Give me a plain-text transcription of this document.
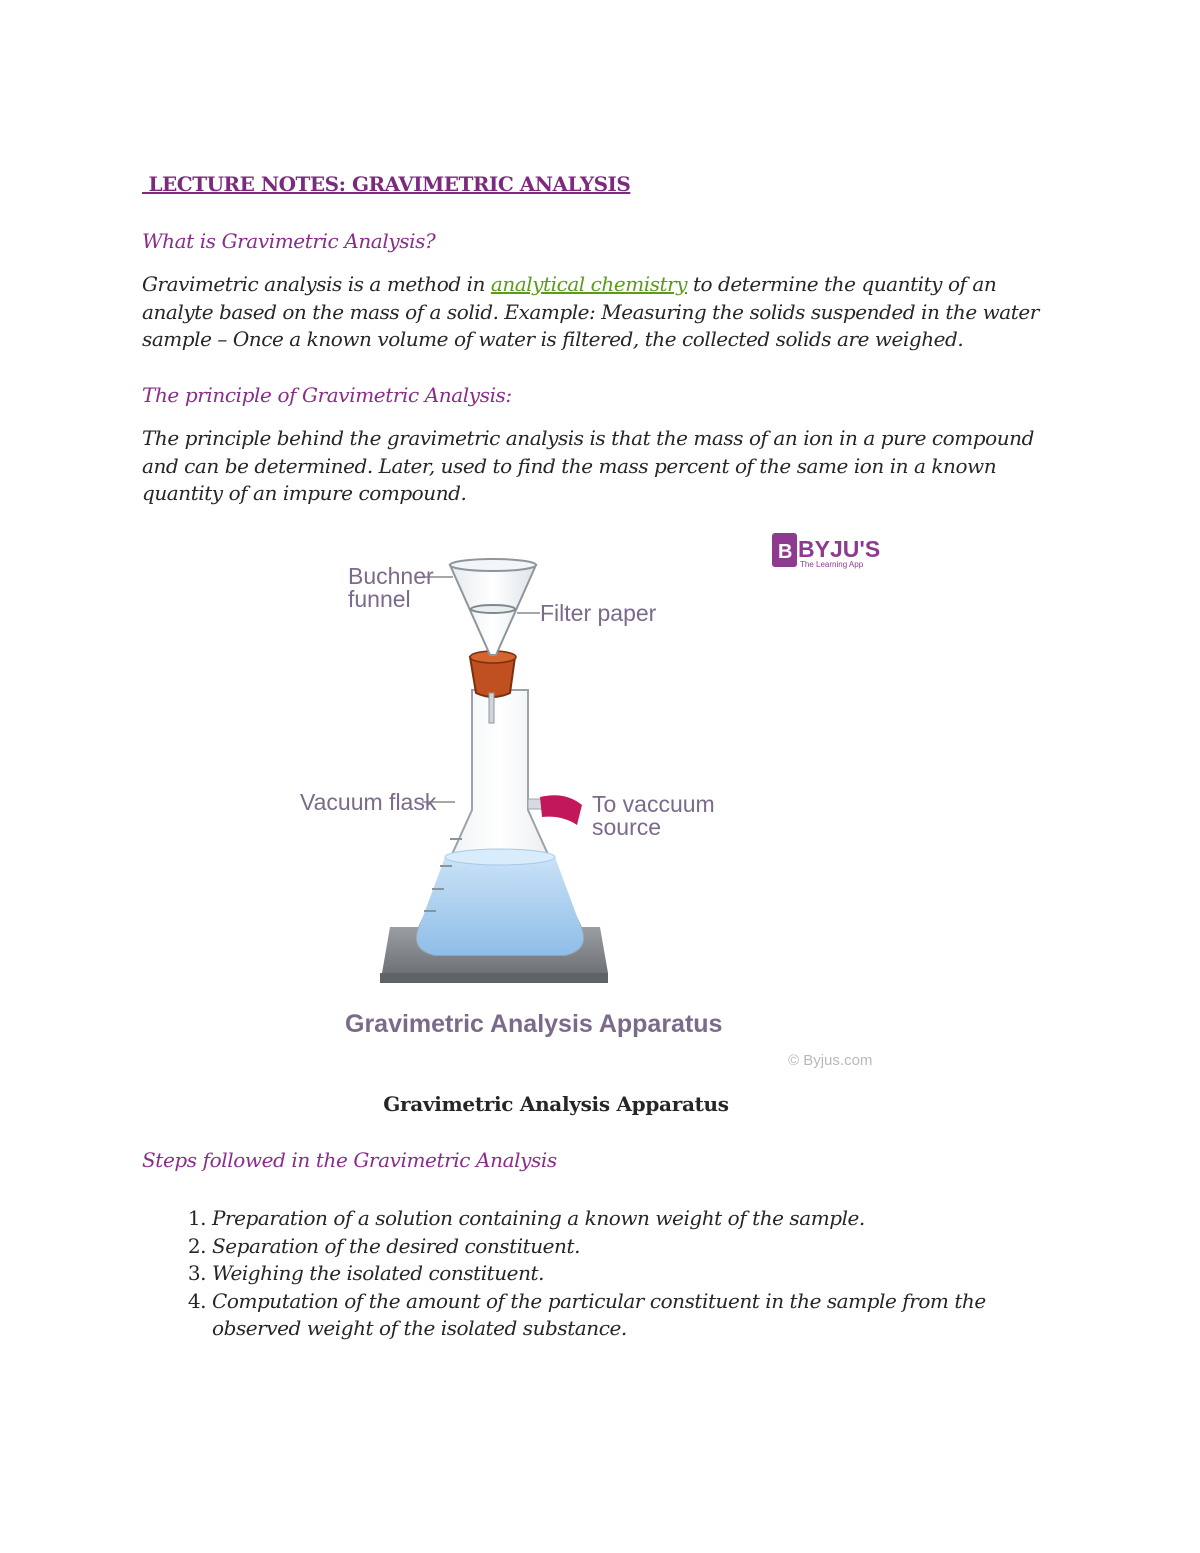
LECTURE NOTES: GRAVIMETRIC ANALYSIS
What is Gravimetric Analysis?
Gravimetric analysis is a method in analytical chemistry to determine the quantity of an analyte based on the mass of a solid. Example: Measuring the solids suspended in the water sample – Once a known volume of water is filtered, the collected solids are weighed.
The principle of Gravimetric Analysis:
The principle behind the gravimetric analysis is that the mass of an ion in a pure compound and can be determined. Later, used to find the mass percent of the same ion in a known quantity of an impure compound.
Buchner
funnel
Filter paper
Vacuum flask	To vaccuum
source
Gravimetric Analysis Apparatus
B BYJU'S
The Learning App
© Byjus.com
Gravimetric Analysis Apparatus
Steps followed in the Gravimetric Analysis
1. Preparation of a solution containing a known weight of the sample.
2. Separation of the desired constituent.
3. Weighing the isolated constituent.
4. Computation of the amount of the particular constituent in the sample from the observed weight of the isolated substance.
